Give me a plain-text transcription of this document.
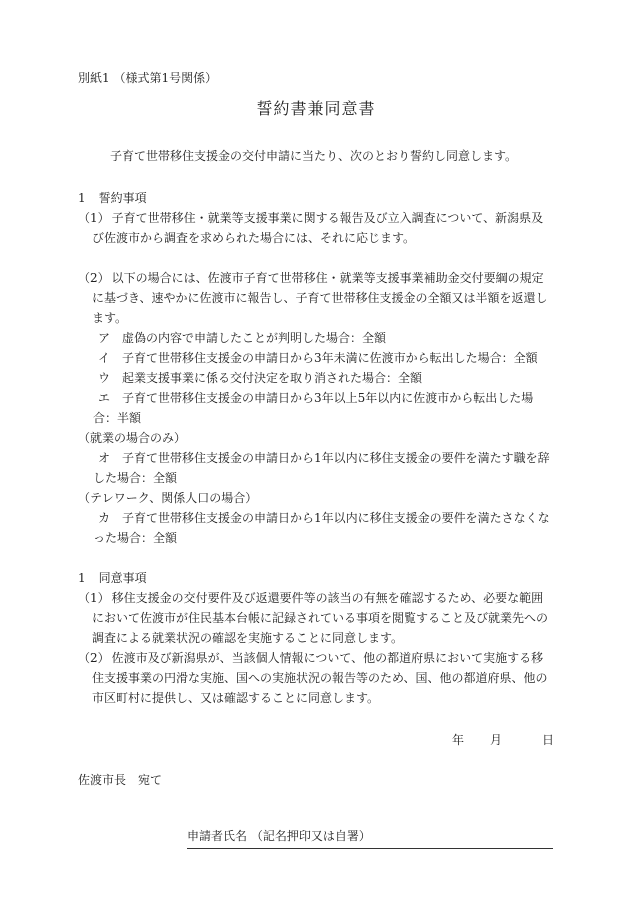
別紙1 （様式第1号関係）

誓約書兼同意書

子育て世帯移住支援金の交付申請に当たり、次のとおり誓約し同意します。

1 誓約事項

（1） 子育て世帯移住・就業等支援事業に関する報告及び立入調査について、新潟県及び佐渡市から調査を求められた場合には、それに応じます。

（2） 以下の場合には、佐渡市子育て世帯移住・就業等支援事業補助金交付要綱の規定に基づき、速やかに佐渡市に報告し、子育て世帯移住支援金の全額又は半額を返還します。

ア 虚偽の内容で申請したことが判明した場合：全額

イ 子育て世帯移住支援金の申請日から3年未満に佐渡市から転出した場合：全額

ウ 起業支援事業に係る交付決定を取り消された場合：全額

エ 子育て世帯移住支援金の申請日から3年以上5年以内に佐渡市から転出した場合：半額

（就業の場合のみ）

オ 子育て世帯移住支援金の申請日から1年以内に移住支援金の要件を満たす職を辞した場合：全額

（テレワーク、関係人口の場合）

カ 子育て世帯移住支援金の申請日から1年以内に移住支援金の要件を満たさなくなった場合：全額

1 同意事項

（1） 移住支援金の交付要件及び返還要件等の該当の有無を確認するため、必要な範囲において佐渡市が住民基本台帳に記録されている事項を閲覧すること及び就業先への調査による就業状況の確認を実施することに同意します。

（2） 佐渡市及び新潟県が、当該個人情報について、他の都道府県において実施する移住支援事業の円滑な実施、国への実施状況の報告等のため、国、他の都道府県、他の市区町村に提供し、又は確認することに同意します。

年 月	日

佐渡市長　宛て

申請者氏名 （記名押印又は自署）
